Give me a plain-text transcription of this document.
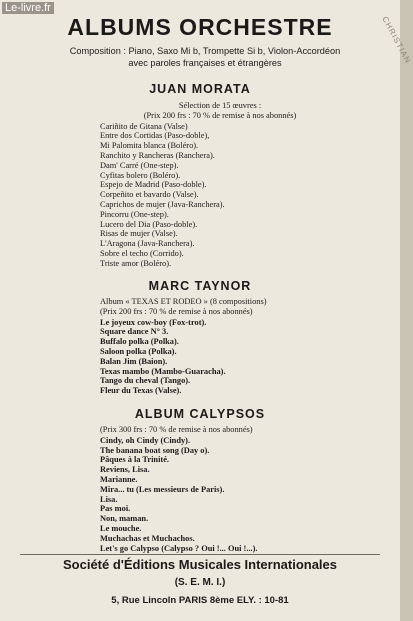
Le-livre.fr
CHRISTIAN
ALBUMS ORCHESTRE
Composition : Piano, Saxo Mi b, Trompette Si b, Violon-Accordéon
avec paroles françaises et étrangères
JUAN MORATA
Sélection de 15 œuvres :
(Prix 200 frs : 70 % de remise à nos abonnés)
Cariñito de Gitana (Valse)
Entre dos Cortidas (Paso-doble),
Mi Palomita blanca (Boléro).
Ranchito y Rancheras (Ranchera).
Dam' Carré (One-step).
Cyfitas bolero (Boléro).
Espejo de Madrid (Paso-doble).
Corpeñito et bavardo (Valse).
Caprichos de mujer (Java-Ranchera).
Pincorru (One-step).
Lucero del Dia (Paso-doble).
Risas de mujer (Valse).
L'Aragona (Java-Ranchera).
Sobre el techo (Corrido).
Triste amor (Boléro).
MARC TAYNOR
Album « TEXAS ET RODEO » (8 compositions)
(Prix 200 frs : 70 % de remise à nos abonnés)
Le joyeux cow-boy (Fox-trot).
Square dance N° 3.
Buffalo polka (Polka).
Saloon polka (Polka).
Balan Jim (Baion).
Texas mambo (Mambo-Guaracha).
Tango du cheval (Tango).
Fleur du Texas (Valse).
ALBUM CALYPSOS
(Prix 300 frs : 70 % de remise à nos abonnés)
Cindy, oh Cindy (Cindy).
The banana boat song (Day o).
Pâques à la Trinité.
Reviens, Lisa.
Marianne.
Mira... tu (Les messieurs de Paris).
Lisa.
Pas moi.
Non, maman.
Le mouche.
Muchachas et Muchachos.
Let's go Calypso (Calypso ? Oui !... Oui !...).
Société d'Éditions Musicales Internationales
(S. E. M. I.)
5, Rue Lincoln PARIS 8ème ELY. : 10-81
